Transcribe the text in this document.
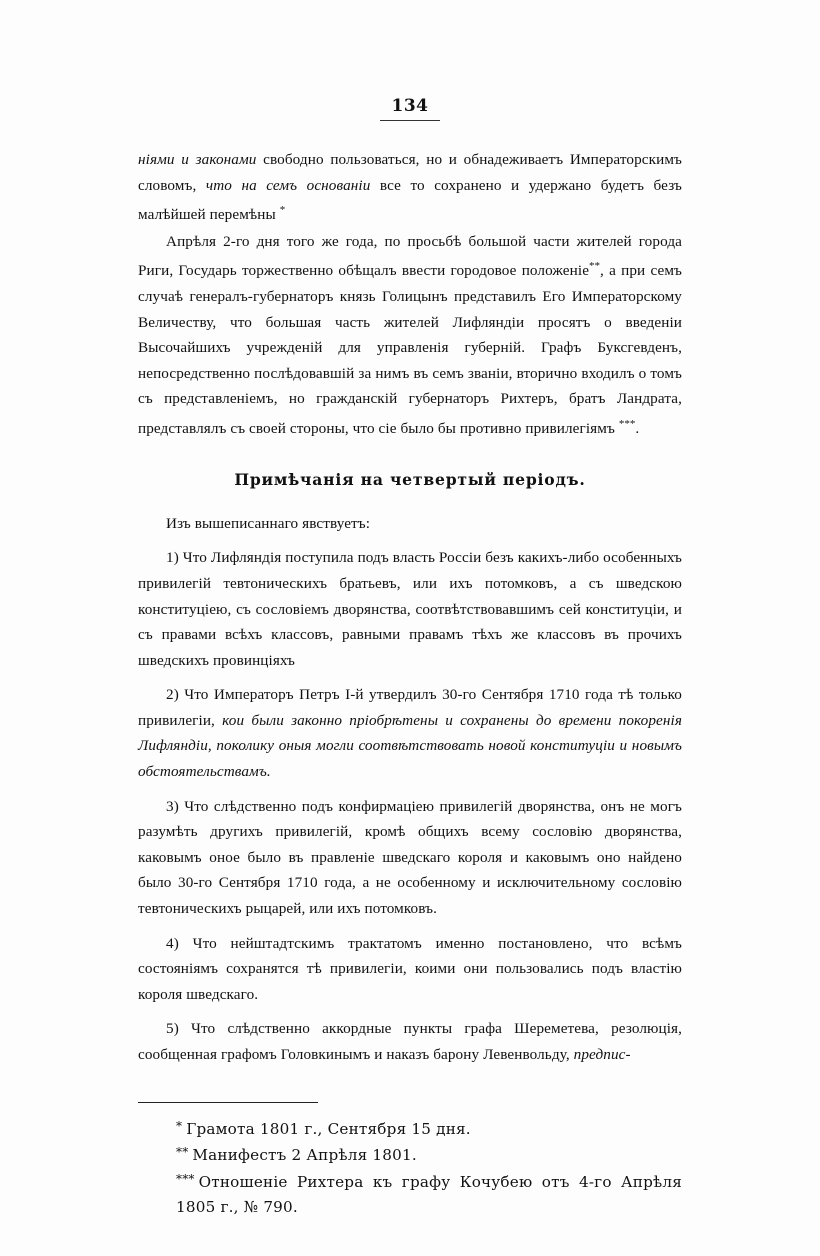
134

ніями и законами свободно пользоваться, но и обнадеживаетъ Императорскимъ словомъ, что на семъ основаніи все то сохранено и удержано будетъ безъ малѣйшей перемѣны *

Апрѣля 2-го дня того же года, по просьбѣ большой части жителей города Риги, Государь торжественно обѣщалъ ввести городовое положеніе**, а при семъ случаѣ генералъ-губернаторъ князь Голицынъ представилъ Его Императорскому Величеству, что большая часть жителей Лифляндіи просятъ о введеніи Высочайшихъ учрежденій для управленія губерній. Графъ Буксгевденъ, непосредственно послѣдовавшій за нимъ въ семъ званіи, вторично входилъ о томъ съ представленіемъ, но гражданскій губернаторъ Рихтеръ, братъ Ландрата, представлялъ съ своей стороны, что сіе было бы противно привилегіямъ ***.

Примѣчанія на четвертый періодъ.

Изъ вышеписаннаго явствуетъ:

1) Что Лифляндія поступила подъ власть Россіи безъ какихъ-либо особенныхъ привилегій тевтоническихъ братьевъ, или ихъ потомковъ, а съ шведскою конституціею, съ сословіемъ дворянства, соотвѣтствовавшимъ сей конституціи, и съ правами всѣхъ классовъ, равными правамъ тѣхъ же классовъ въ прочихъ шведскихъ провинціяхъ

2) Что Императоръ Петръ I-й утвердилъ 30-го Сентября 1710 года тѣ только привилегіи, кои были законно пріобрѣтены и сохранены до времени покоренія Лифляндіи, поколику оныя могли соотвѣтствовать новой конституціи и новымъ обстоятельствамъ.

3) Что слѣдственно подъ конфирмаціею привилегій дворянства, онъ не могъ разумѣть другихъ привилегій, кромѣ общихъ всему сословію дворянства, каковымъ оное было въ правленіе шведскаго короля и каковымъ оно найдено было 30-го Сентября 1710 года, а не особенному и исключительному сословію тевтоническихъ рыцарей, или ихъ потомковъ.

4) Что нейштадтскимъ трактатомъ именно постановлено, что всѣмъ состояніямъ сохранятся тѣ привилегіи, коими они пользовались подъ властію короля шведскаго.

5) Что слѣдственно аккордные пункты графа Шереметева, резолюція, сообщенная графомъ Головкинымъ и наказъ барону Левенвольду, предпис-

* Грамота 1801 г., Сентября 15 дня.

** Манифестъ 2 Апрѣля 1801.

*** Отношеніе Рихтера къ графу Кочубею отъ 4-го Апрѣля 1805 г., № 790.
